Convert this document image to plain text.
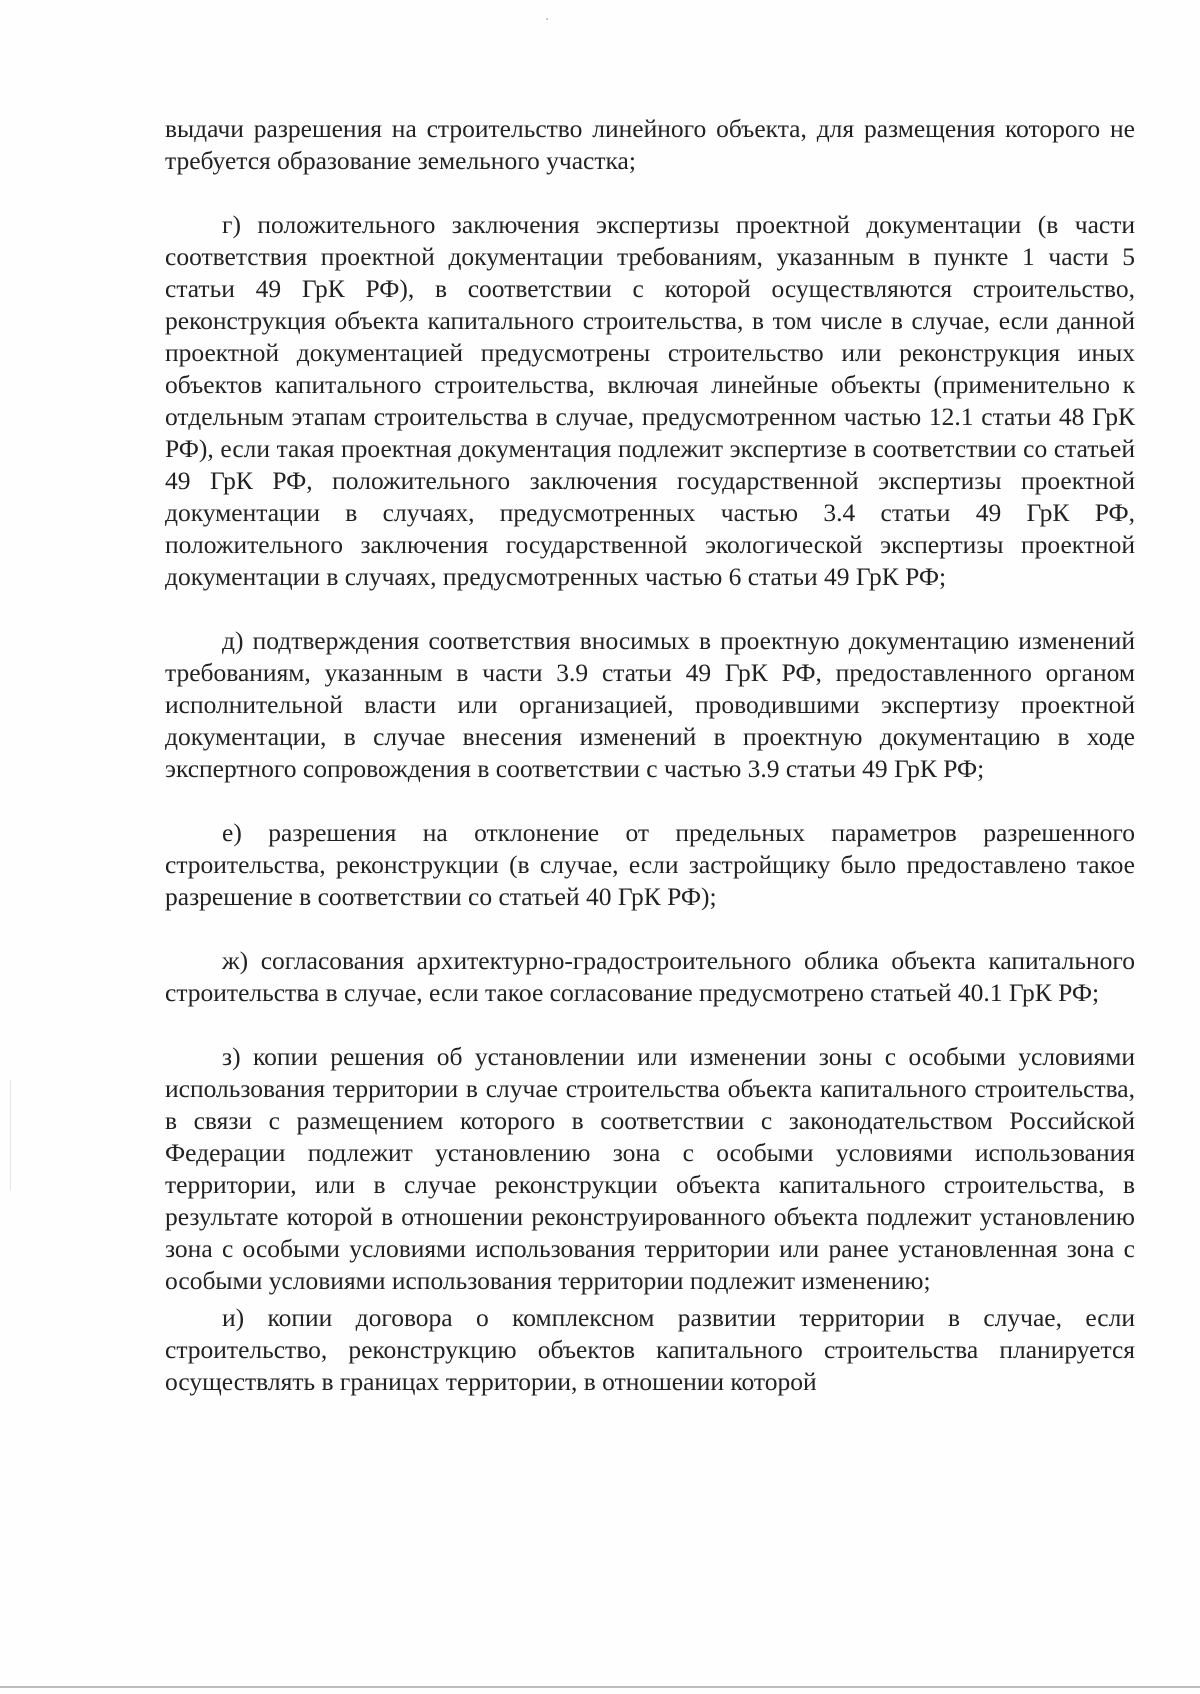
выдачи разрешения на строительство линейного объекта, для размещения которого не требуется образование земельного участка;

г) положительного заключения экспертизы проектной документации (в части соответствия проектной документации требованиям, указанным в пункте 1 части 5 статьи 49 ГрК РФ), в соответствии с которой осуществляются строительство, реконструкция объекта капитального строительства, в том числе в случае, если данной проектной документацией предусмотрены строительство или реконструкция иных объектов капитального строительства, включая линейные объекты (применительно к отдельным этапам строительства в случае, предусмотренном частью 12.1 статьи 48 ГрК РФ), если такая проектная документация подлежит экспертизе в соответствии со статьей 49 ГрК РФ, положительного заключения государственной экспертизы проектной документации в случаях, предусмотренных частью 3.4 статьи 49 ГрК РФ, положительного заключения государственной экологической экспертизы проектной документации в случаях, предусмотренных частью 6 статьи 49 ГрК РФ;

д) подтверждения соответствия вносимых в проектную документацию изменений требованиям, указанным в части 3.9 статьи 49 ГрК РФ, предоставленного органом исполнительной власти или организацией, проводившими экспертизу проектной документации, в случае внесения изменений в проектную документацию в ходе экспертного сопровождения в соответствии с частью 3.9 статьи 49 ГрК РФ;

е) разрешения на отклонение от предельных параметров разрешенного строительства, реконструкции (в случае, если застройщику было предоставлено такое разрешение в соответствии со статьей 40 ГрК РФ);

ж) согласования архитектурно-градостроительного облика объекта капитального строительства в случае, если такое согласование предусмотрено статьей 40.1 ГрК РФ;

з) копии решения об установлении или изменении зоны с особыми условиями использования территории в случае строительства объекта капитального строительства, в связи с размещением которого в соответствии с законодательством Российской Федерации подлежит установлению зона с особыми условиями использования территории, или в случае реконструкции объекта капитального строительства, в результате которой в отношении реконструированного объекта подлежит установлению зона с особыми условиями использования территории или ранее установленная зона с особыми условиями использования территории подлежит изменению;

и) копии договора о комплексном развитии территории в случае, если строительство, реконструкцию объектов капитального строительства планируется осуществлять в границах территории, в отношении которой
